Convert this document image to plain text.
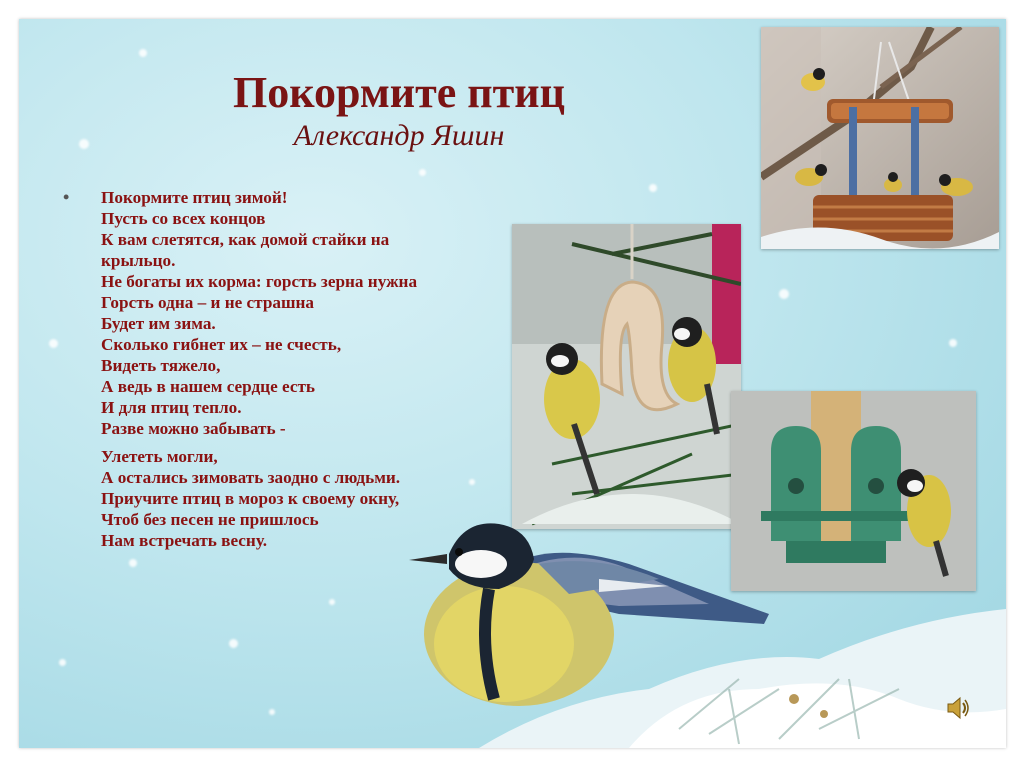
Покормите птиц
Александр Яшин
• Покормите птиц зимой!
Пусть со всех концов
К вам слетятся, как домой стайки на
крыльцо.
Не богаты их корма: горсть зерна нужна
Горсть одна – и не страшна
Будет им зима.
Сколько гибнет их – не счесть,
Видеть тяжело,
А ведь в нашем сердце есть
И для птиц тепло.
Разве можно забывать -
Улететь могли,
А остались зимовать заодно с людьми.
Приучите птиц в мороз к своему окну,
Чтоб без песен не пришлось
Нам встречать весну.
